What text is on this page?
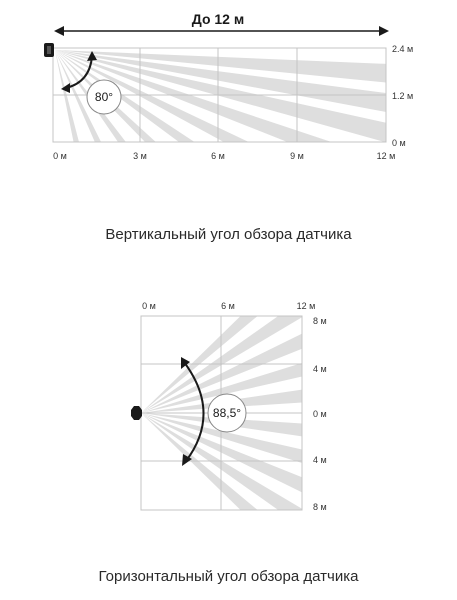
До 12 м
80°
0 м	3 м	6 м	9 м	12 м
2.4 м
1.2 м
0 м
88,5°
0 м	6 м	12 м
8 м
4 м
0 м
4 м
8 м
Вертикальный угол обзора датчика
Горизонтальный угол обзора датчика
